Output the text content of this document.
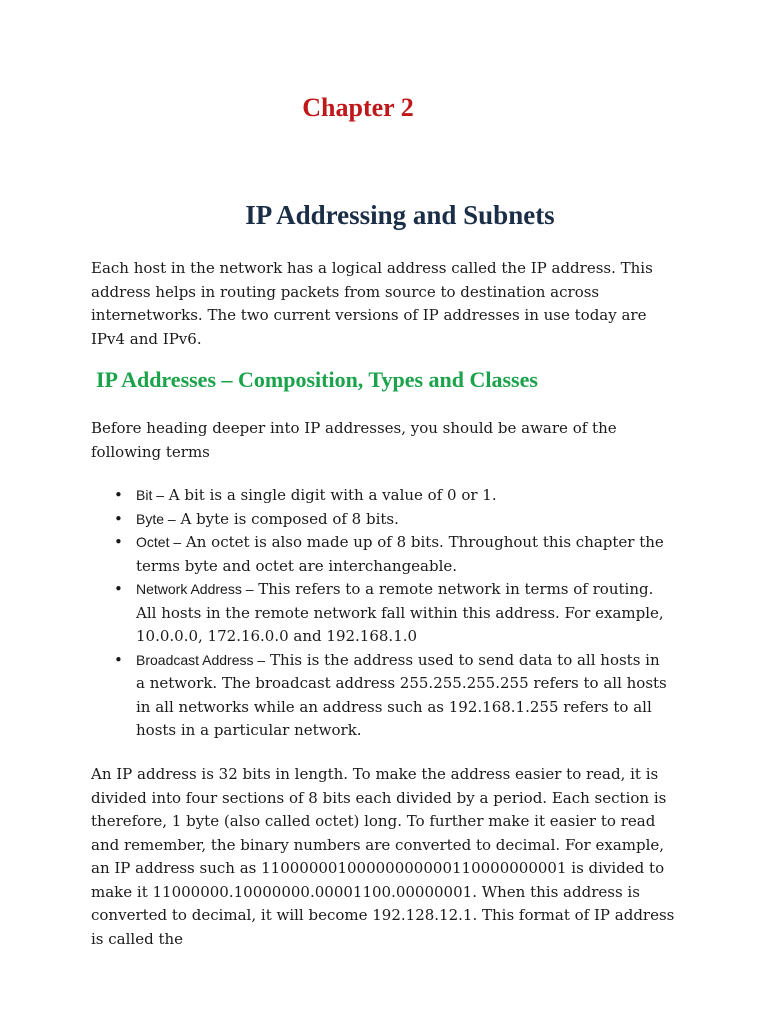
Chapter 2
IP Addressing and Subnets
Each host in the network has a logical address called the IP address. This address helps in routing packets from source to destination across internetworks. The two current versions of IP addresses in use today are IPv4 and IPv6.
IP Addresses – Composition, Types and Classes
Before heading deeper into IP addresses, you should be aware of the following terms
• Bit – A bit is a single digit with a value of 0 or 1.
• Byte – A byte is composed of 8 bits.
• Octet – An octet is also made up of 8 bits. Throughout this chapter the terms byte and octet are interchangeable.
• Network Address – This refers to a remote network in terms of routing. All hosts in the remote network fall within this address. For example, 10.0.0.0, 172.16.0.0 and 192.168.1.0
• Broadcast Address – This is the address used to send data to all hosts in a network. The broadcast address 255.255.255.255 refers to all hosts in all networks while an address such as 192.168.1.255 refers to all hosts in a particular network.
An IP address is 32 bits in length. To make the address easier to read, it is divided into four sections of 8 bits each divided by a period. Each section is therefore, 1 byte (also called octet) long. To further make it easier to read and remember, the binary numbers are converted to decimal. For example, an IP address such as 11000000100000000000110000000001 is divided to make it 11000000.10000000.00001100.00000001. When this address is converted to decimal, it will become 192.128.12.1. This format of IP address is called the
